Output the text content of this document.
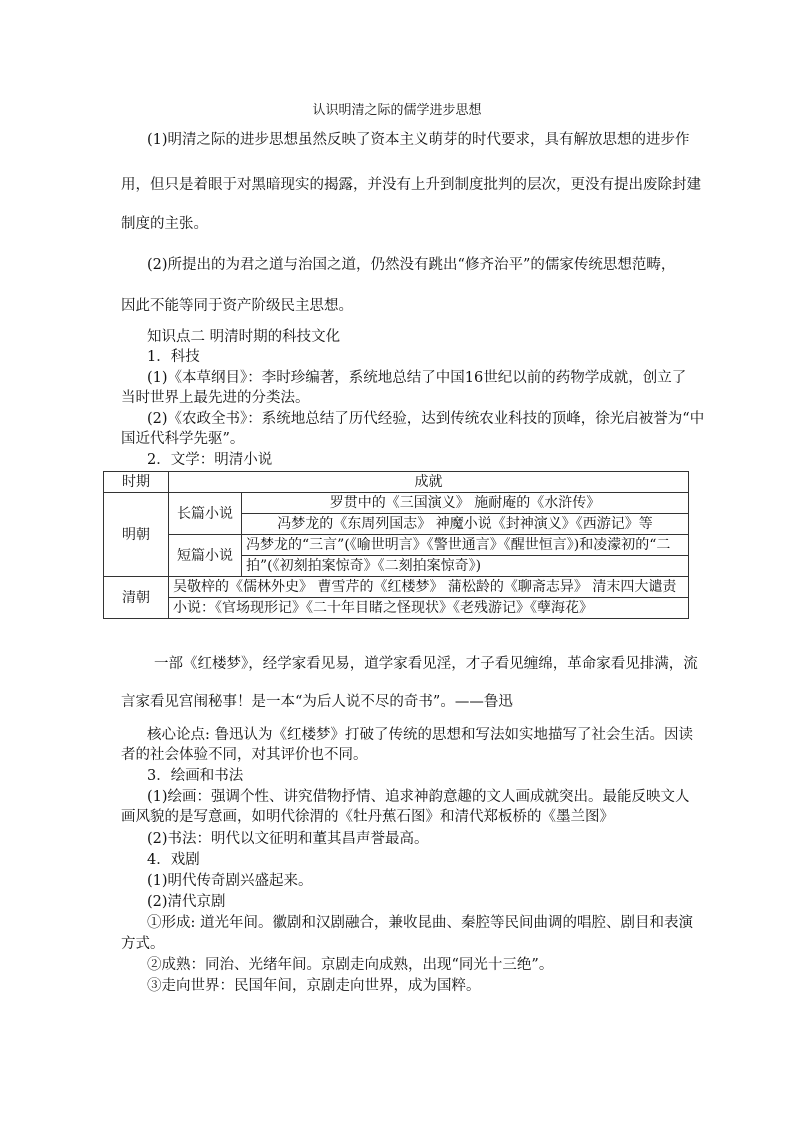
认识明清之际的儒学进步思想
(1)明清之际的进步思想虽然反映了资本主义萌芽的时代要求，具有解放思想的进步作
用，但只是着眼于对黑暗现实的揭露，并没有上升到制度批判的层次，更没有提出废除封建
制度的主张。
(2)所提出的为君之道与治国之道，仍然没有跳出“修齐治平”的儒家传统思想范畴，
因此不能等同于资产阶级民主思想。
知识点二 明清时期的科技文化
1．科技
(1)《本草纲目》：李时珍编著，系统地总结了中国16世纪以前的药物学成就，创立了
当时世界上最先进的分类法。
(2)《农政全书》：系统地总结了历代经验，达到传统农业科技的顶峰，徐光启被誉为“中
国近代科学先驱”。
2．文学：明清小说
时期	成就	
明朝	长篇小说	罗贯中的《三国演义》 施耐庵的《水浒传》
		冯梦龙的《东周列国志》 神魔小说《封神演义》《西游记》等
	短篇小说	冯梦龙的“三言”(《喻世明言》《警世通言》《醒世恒言》)和凌濛初的“二
		拍”(《初刻拍案惊奇》《二刻拍案惊奇》)
清朝	吴敬梓的《儒林外史》 曹雪芹的《红楼梦》 蒲松龄的《聊斋志异》 清末四大谴责	
	小说：《官场现形记》《二十年目睹之怪现状》《老残游记》《孽海花》	
一部《红楼梦》，经学家看见易，道学家看见淫，才子看见缠绵，革命家看见排满，流
言家看见宫闱秘事！是一本“为后人说不尽的奇书”。——鲁迅
核心论点: 鲁迅认为《红楼梦》打破了传统的思想和写法如实地描写了社会生活。因读
者的社会体验不同，对其评价也不同。
3．绘画和书法
(1)绘画：强调个性、讲究借物抒情、追求神韵意趣的文人画成就突出。最能反映文人
画风貌的是写意画，如明代徐渭的《牡丹蕉石图》和清代郑板桥的《墨兰图》
(2)书法：明代以文征明和董其昌声誉最高。
4．戏剧
(1)明代传奇剧兴盛起来。
(2)清代京剧
①形成: 道光年间。徽剧和汉剧融合，兼收昆曲、秦腔等民间曲调的唱腔、剧目和表演
方式。
②成熟：同治、光绪年间。京剧走向成熟，出现“同光十三绝”。
③走向世界：民国年间，京剧走向世界，成为国粹。
